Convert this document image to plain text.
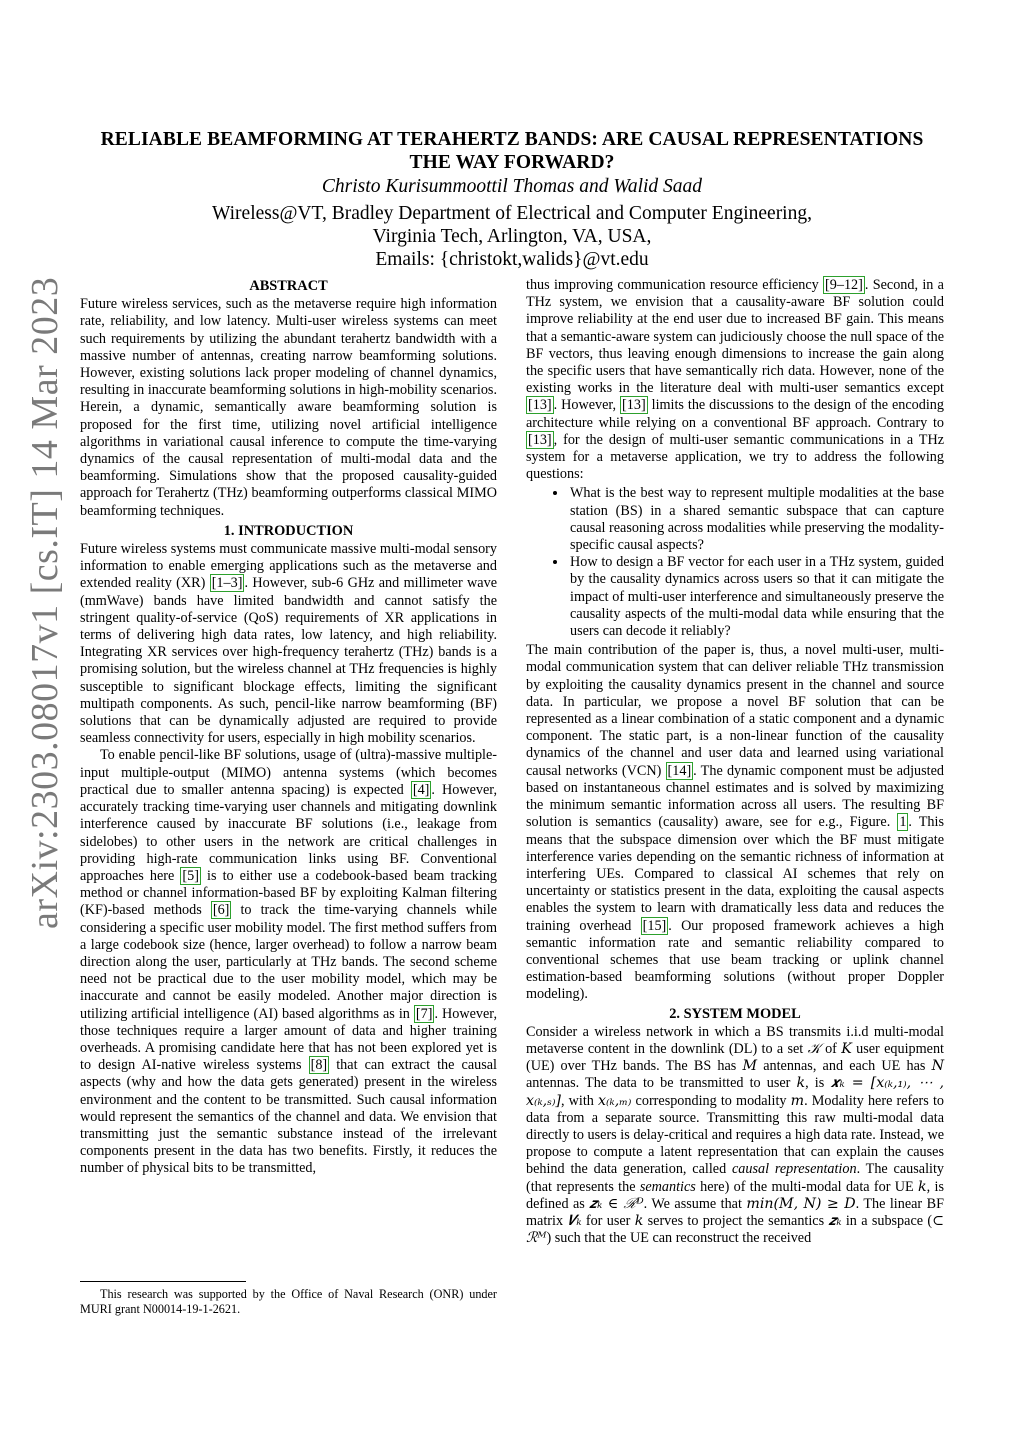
RELIABLE BEAMFORMING AT TERAHERTZ BANDS: ARE CAUSAL REPRESENTATIONS
THE WAY FORWARD?
Christo Kurisummoottil Thomas and Walid Saad
Wireless@VT, Bradley Department of Electrical and Computer Engineering,
Virginia Tech, Arlington, VA, USA,
Emails: {christokt,walids}@vt.edu
arXiv:2303.08017v1 [cs.IT] 14 Mar 2023	ABSTRACT

Future wireless services, such as the metaverse require high information rate, reliability, and low latency. Multi-user wireless systems can meet such requirements by utilizing the abundant terahertz bandwidth with a massive number of antennas, creating narrow beamforming solutions. However, existing solutions lack proper modeling of channel dynamics, resulting in inaccurate beamforming solutions in high-mobility scenarios. Herein, a dynamic, semantically aware beamforming solution is proposed for the first time, utilizing novel artificial intelligence algorithms in variational causal inference to compute the time-varying dynamics of the causal representation of multi-modal data and the beamforming. Simulations show that the proposed causality-guided approach for Terahertz (THz) beamforming outperforms classical MIMO beamforming techniques.

1. INTRODUCTION

Future wireless systems must communicate massive multi-modal sensory information to enable emerging applications such as the metaverse and extended reality (XR) [1–3] . However, sub-6 GHz and millimeter wave (mmWave) bands have limited bandwidth and cannot satisfy the stringent quality-of-service (QoS) requirements of XR applications in terms of delivering high data rates, low latency, and high reliability. Integrating XR services over high-frequency terahertz (THz) bands is a promising solution, but the wireless channel at THz frequencies is highly susceptible to significant blockage effects, limiting the significant multipath components. As such, pencil-like narrow beamforming (BF) solutions that can be dynamically adjusted are required to provide seamless connectivity for users, especially in high mobility scenarios.

To enable pencil-like BF solutions, usage of (ultra)-massive multiple-input multiple-output (MIMO) antenna systems (which becomes practical due to smaller antenna spacing) is expected [4] . However, accurately tracking time-varying user channels and mitigating downlink interference caused by inaccurate BF solutions (i.e., leakage from sidelobes) to other users in the network are critical challenges in providing high-rate communication links using BF. Conventional approaches here [5] is to either use a codebook-based beam tracking method or channel information-based BF by exploiting Kalman filtering (KF)-based methods [6] to track the time-varying channels while considering a specific user mobility model. The first method suffers from a large codebook size (hence, larger overhead) to follow a narrow beam direction along the user, particularly at THz bands. The second scheme need not be practical due to the user mobility model, which may be inaccurate and cannot be easily modeled. Another major direction is utilizing artificial intelligence (AI) based algorithms as in [7] . However, those techniques require a larger amount of data and higher training overheads. A promising candidate here that has not been explored yet is to design AI-native wireless systems [8] that can extract the causal aspects (why and how the data gets generated) present in the wireless environment and the content to be transmitted. Such causal information would represent the semantics of the channel and data. We envision that transmitting just the semantic substance instead of the irrelevant components present in the data has two benefits. Firstly, it reduces the number of physical bits to be transmitted,

This research was supported by the Office of Naval Research (ONR) under MURI grant N00014-19-1-2621.

thus improving communication resource efficiency [9–12] . Second, in a THz system, we envision that a causality-aware BF solution could improve reliability at the end user due to increased BF gain. This means that a semantic-aware system can judiciously choose the null space of the BF vectors, thus leaving enough dimensions to increase the gain along the specific users that have semantically rich data. However, none of the existing works in the literature deal with multi-user semantics except [13] . However, [13] limits the discussions to the design of the encoding architecture while relying on a conventional BF approach. Contrary to [13] , for the design of multi-user semantic communications in a THz system for a metaverse application, we try to address the following questions:

• What is the best way to represent multiple modalities at the base station (BS) in a shared semantic subspace that can capture causal reasoning across modalities while preserving the modality-specific causal aspects?
• How to design a BF vector for each user in a THz system, guided by the causality dynamics across users so that it can mitigate the impact of multi-user interference and simultaneously preserve the causality aspects of the multi-modal data while ensuring that the users can decode it reliably?

The main contribution of the paper is, thus, a novel multi-user, multi-modal communication system that can deliver reliable THz transmission by exploiting the causality dynamics present in the channel and source data. In particular, we propose a novel BF solution that can be represented as a linear combination of a static component and a dynamic component. The static part, is a non-linear function of the causality dynamics of the channel and user data and learned using variational causal networks (VCN) [14] . The dynamic component must be adjusted based on instantaneous channel estimates and is solved by maximizing the minimum semantic information across all users. The resulting BF solution is semantics (causality) aware, see for e.g., Figure. 1 . This means that the subspace dimension over which the BF must mitigate interference varies depending on the semantic richness of information at interfering UEs. Compared to classical AI schemes that rely on uncertainty or statistics present in the data, exploiting the causal aspects enables the system to learn with dramatically less data and reduces the training overhead [15] . Our proposed framework achieves a high semantic information rate and semantic reliability compared to conventional schemes that use beam tracking or uplink channel estimation-based beamforming solutions (without proper Doppler modeling).

2. SYSTEM MODEL

Consider a wireless network in which a BS transmits i.i.d multi-modal metaverse content in the downlink (DL) to a set 𝒦 of K user equipment (UE) over THz bands. The BS has M antennas, and each UE has N antennas. The data to be transmitted to user k, is 𝒙ₖ = [x₍ₖ,₁₎, ⋯ , x₍ₖ,ₛ₎], with x₍ₖ,ₘ₎ corresponding to modality m. Modality here refers to data from a separate source. Transmitting this raw multi-modal data directly to users is delay-critical and requires a high data rate. Instead, we propose to compute a latent representation that can explain the causes behind the data generation, called causal representation. The causality (that represents the semantics here) of the multi-modal data for UE k, is defined as 𝒛ₖ ∈ ℛᴰ. We assume that min(M, N) ≥ D. The linear BF matrix 𝑽ₖ for user k serves to project the semantics 𝒛ₖ in a subspace (⊂ ℛᴹ) such that the UE can reconstruct the received
